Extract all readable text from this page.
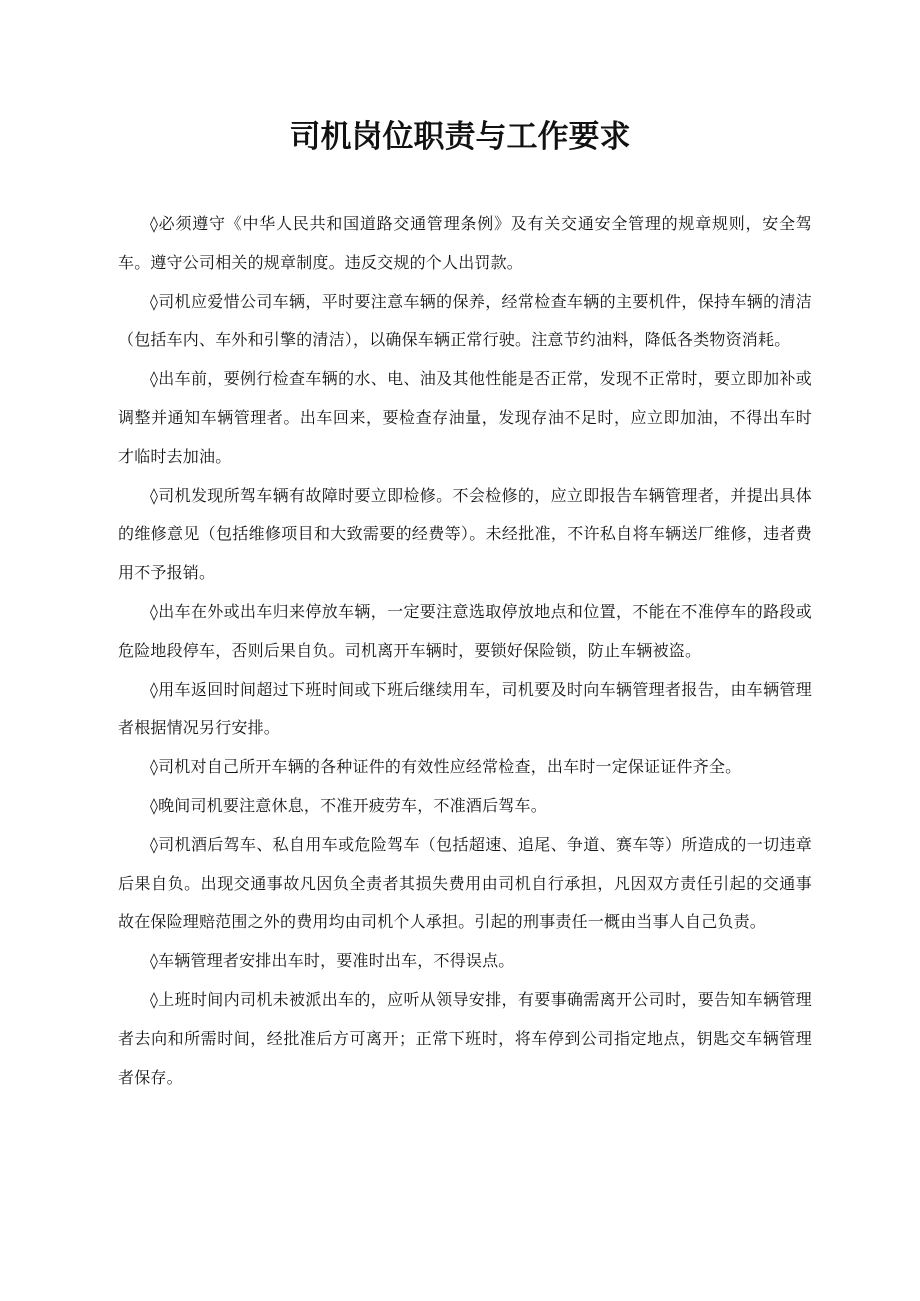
司机岗位职责与工作要求

◊必须遵守《中华人民共和国道路交通管理条例》及有关交通安全管理的规章规则，安全驾车。遵守公司相关的规章制度。违反交规的个人出罚款。

◊司机应爱惜公司车辆，平时要注意车辆的保养，经常检查车辆的主要机件，保持车辆的清洁（包括车内、车外和引擎的清洁），以确保车辆正常行驶。注意节约油料，降低各类物资消耗。

◊出车前，要例行检查车辆的水、电、油及其他性能是否正常，发现不正常时，要立即加补或调整并通知车辆管理者。出车回来，要检查存油量，发现存油不足时，应立即加油，不得出车时才临时去加油。

◊司机发现所驾车辆有故障时要立即检修。不会检修的，应立即报告车辆管理者，并提出具体的维修意见（包括维修项目和大致需要的经费等）。未经批准，不许私自将车辆送厂维修，违者费用不予报销。

◊出车在外或出车归来停放车辆，一定要注意选取停放地点和位置，不能在不准停车的路段或危险地段停车，否则后果自负。司机离开车辆时，要锁好保险锁，防止车辆被盗。

◊用车返回时间超过下班时间或下班后继续用车，司机要及时向车辆管理者报告，由车辆管理者根据情况另行安排。

◊司机对自己所开车辆的各种证件的有效性应经常检查，出车时一定保证证件齐全。

◊晚间司机要注意休息，不准开疲劳车，不准酒后驾车。

◊司机酒后驾车、私自用车或危险驾车（包括超速、追尾、争道、赛车等）所造成的一切违章后果自负。出现交通事故凡因负全责者其损失费用由司机自行承担，凡因双方责任引起的交通事故在保险理赔范围之外的费用均由司机个人承担。引起的刑事责任一概由当事人自己负责。

◊车辆管理者安排出车时，要准时出车，不得误点。

◊上班时间内司机未被派出车的，应听从领导安排，有要事确需离开公司时，要告知车辆管理者去向和所需时间，经批准后方可离开；正常下班时，将车停到公司指定地点，钥匙交车辆管理者保存。
